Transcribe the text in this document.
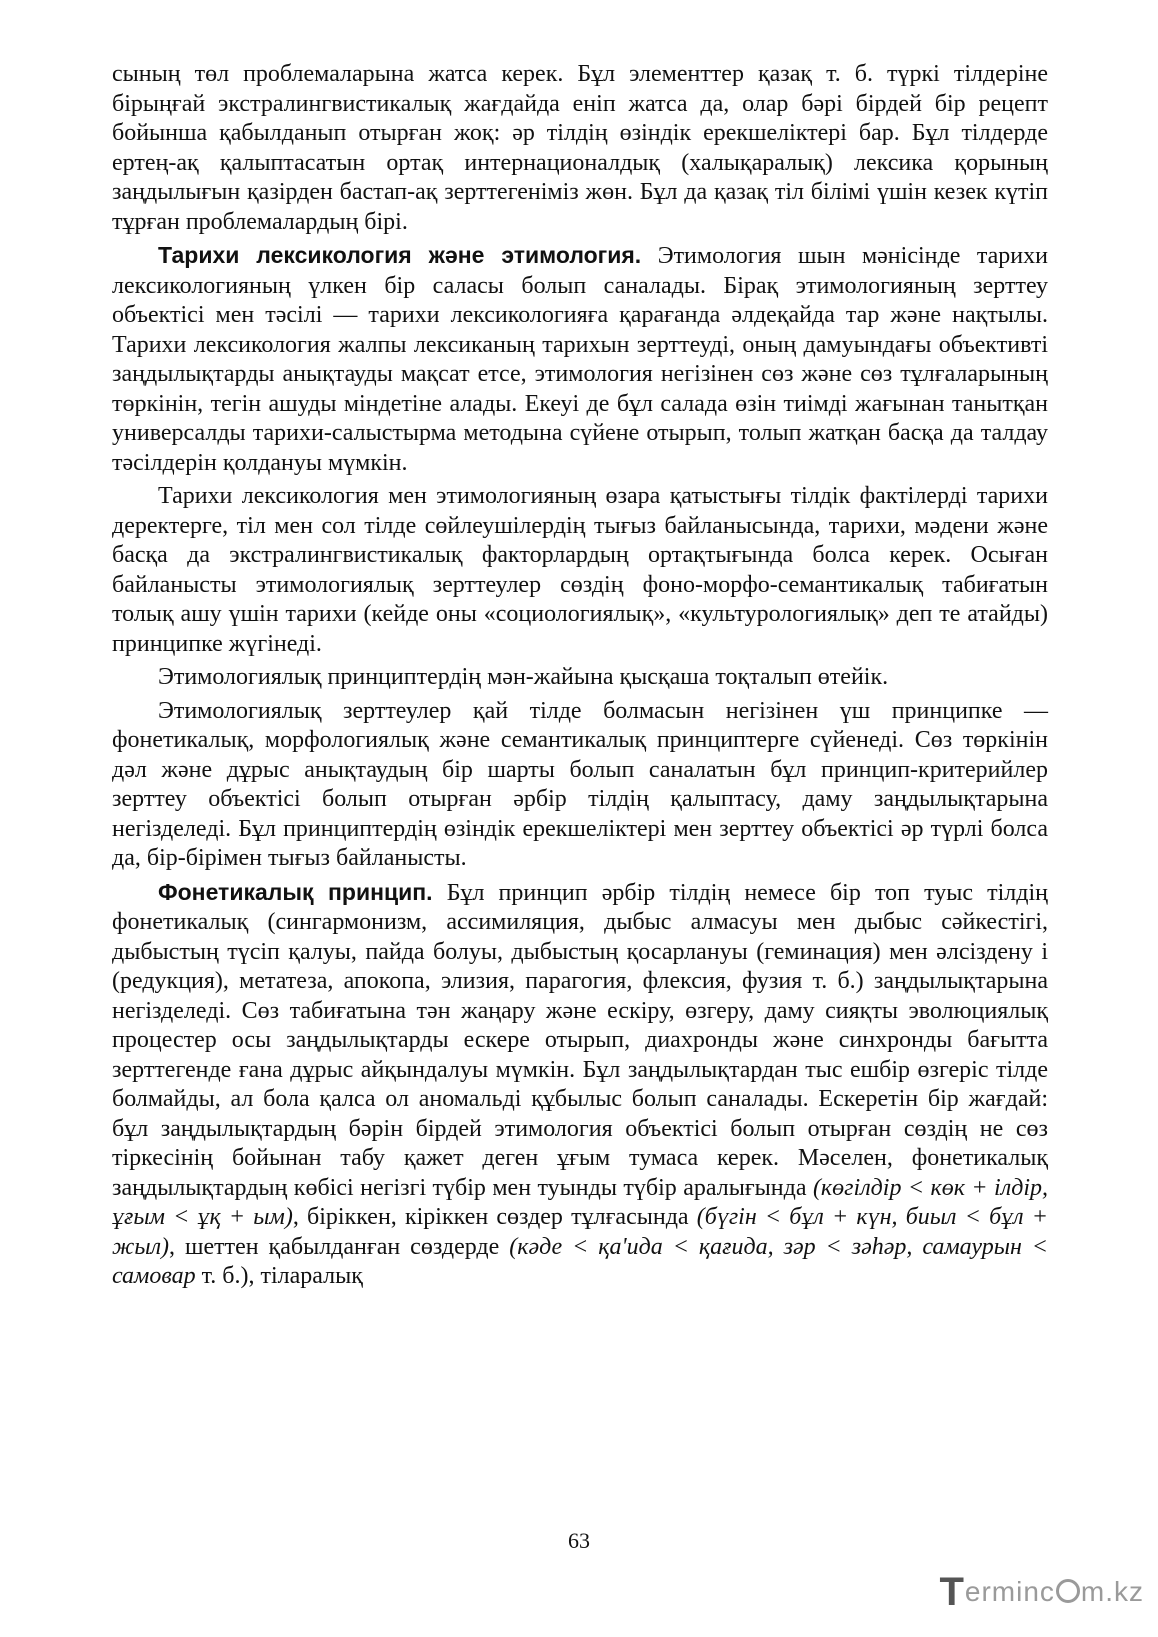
сының төл проблемаларына жатса керек. Бұл элементтер қазақ т. б. түркі тілдеріне бірыңғай экстралингвистикалық жағдайда еніп жатса да, олар бәрі бірдей бір рецепт бойынша қабылданып отырған жоқ: әр тілдің өзіндік ерекшеліктері бар. Бұл тілдерде ертең-ақ қалыптасатын ортақ интернационалдық (халықаралық) лексика қорының заңдылығын қазірден бастап-ақ зерттегеніміз жөн. Бұл да қазақ тіл білімі үшін кезек күтіп тұрған проблемалардың бірі.

Тарихи лексикология және этимология. Этимология шын мәнісінде тарихи лексикологияның үлкен бір саласы болып саналады. Бірақ этимологияның зерттеу объектісі мен тәсілі — тарихи лексикологияға қарағанда әлдеқайда тар және нақтылы. Тарихи лексикология жалпы лексиканың тарихын зерттеуді, оның дамуындағы объективті заңдылықтарды анықтауды мақсат етсе, этимология негізінен сөз және сөз тұлғаларының төркінін, тегін ашуды міндетіне алады. Екеуі де бұл салада өзін тиімді жағынан танытқан универсалды тарихи-салыстырма методына сүйене отырып, толып жатқан басқа да талдау тәсілдерін қолдануы мүмкін.

Тарихи лексикология мен этимологияның өзара қатыстығы тілдік фактілерді тарихи деректерге, тіл мен сол тілде сөйлеушілердің тығыз байланысында, тарихи, мәдени және басқа да экстралингвистикалық факторлардың ортақтығында болса керек. Осыған байланысты этимологиялық зерттеулер сөздің фоно-морфо-семантикалық табиғатын толық ашу үшін тарихи (кейде оны «социологиялық», «культурологиялық» деп те атайды) принципке жүгінеді.

Этимологиялық принциптердің мән-жайына қысқаша тоқталып өтейік.

Этимологиялық зерттеулер қай тілде болмасын негізінен үш принципке — фонетикалық, морфологиялық және семантикалық принциптерге сүйенеді. Сөз төркінін дәл және дұрыс анықтаудың бір шарты болып саналатын бұл принцип-критерийлер зерттеу объектісі болып отырған әрбір тілдің қалыптасу, даму заңдылықтарына негізделеді. Бұл принциптердің өзіндік ерекшеліктері мен зерттеу объектісі әр түрлі болса да, бір-бірімен тығыз байланысты.

Фонетикалық принцип. Бұл принцип әрбір тілдің немесе бір топ туыс тілдің фонетикалық (сингармонизм, ассимиляция, дыбыс алмасуы мен дыбыс сәйкестігі, дыбыстың түсіп қалуы, пайда болуы, дыбыстың қосарлануы (геминация) мен әлсіздену і (редукция), метатеза, апокопа, элизия, парагогия, флексия, фузия т. б.) заңдылықтарына негізделеді. Сөз табиғатына тән жаңару және ескіру, өзгеру, даму сияқты эволюциялық процестер осы заңдылықтарды ескере отырып, диахронды және синхронды бағытта зерттегенде ғана дұрыс айқындалуы мүмкін. Бұл заңдылықтардан тыс ешбір өзгеріс тілде болмайды, ал бола қалса ол аномальді құбылыс болып саналады. Ескеретін бір жағдай: бұл заңдылықтардың бәрін бірдей этимология объектісі болып отырған сөздің не сөз тіркесінің бойынан табу қажет деген ұғым тумаса керек. Мәселен, фонетикалық заңдылықтардың көбісі негізгі түбір мен туынды түбір аралығында (көгілдір < көк + ілдір, ұғым < ұқ + ым), біріккен, кіріккен сөздер тұлғасында (бүгін < бұл + күн, биыл < бұл + жыл), шеттен қабылданған сөздерде (кәде < қа'ида < қағида, зәр < зәһәр, самаурын < самовар т. б.), тіларалық

63
Terminc m.kz
